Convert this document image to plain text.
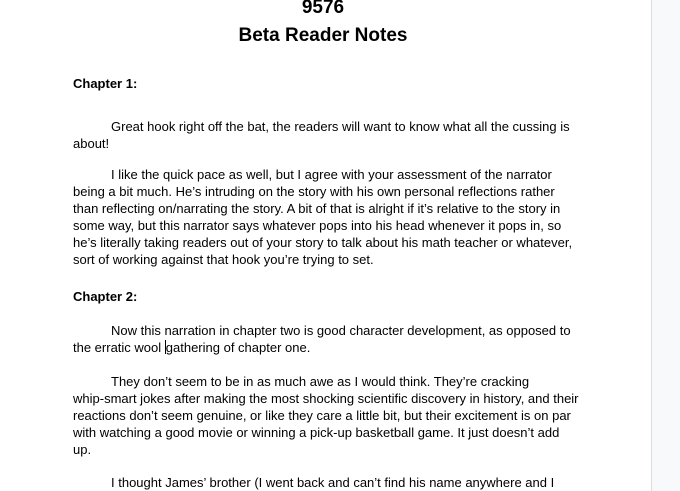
9576
Beta Reader Notes
Chapter 1:
Great hook right off the bat, the readers will want to know what all the cussing is
about!
I like the quick pace as well, but I agree with your assessment of the narrator
being a bit much. He’s intruding on the story with his own personal reflections rather
than reflecting on/narrating the story. A bit of that is alright if it’s relative to the story in
some way, but this narrator says whatever pops into his head whenever it pops in, so
he’s literally taking readers out of your story to talk about his math teacher or whatever,
sort of working against that hook you’re trying to set.
Chapter 2:
Now this narration in chapter two is good character development, as opposed to
the erratic wool gathering of chapter one.
They don’t seem to be in as much awe as I would think. They’re cracking
whip-smart jokes after making the most shocking scientific discovery in history, and their
reactions don’t seem genuine, or like they care a little bit, but their excitement is on par
with watching a good movie or winning a pick-up basketball game. It just doesn’t add
up.
I thought James’ brother (I went back and can’t find his name anywhere and I
